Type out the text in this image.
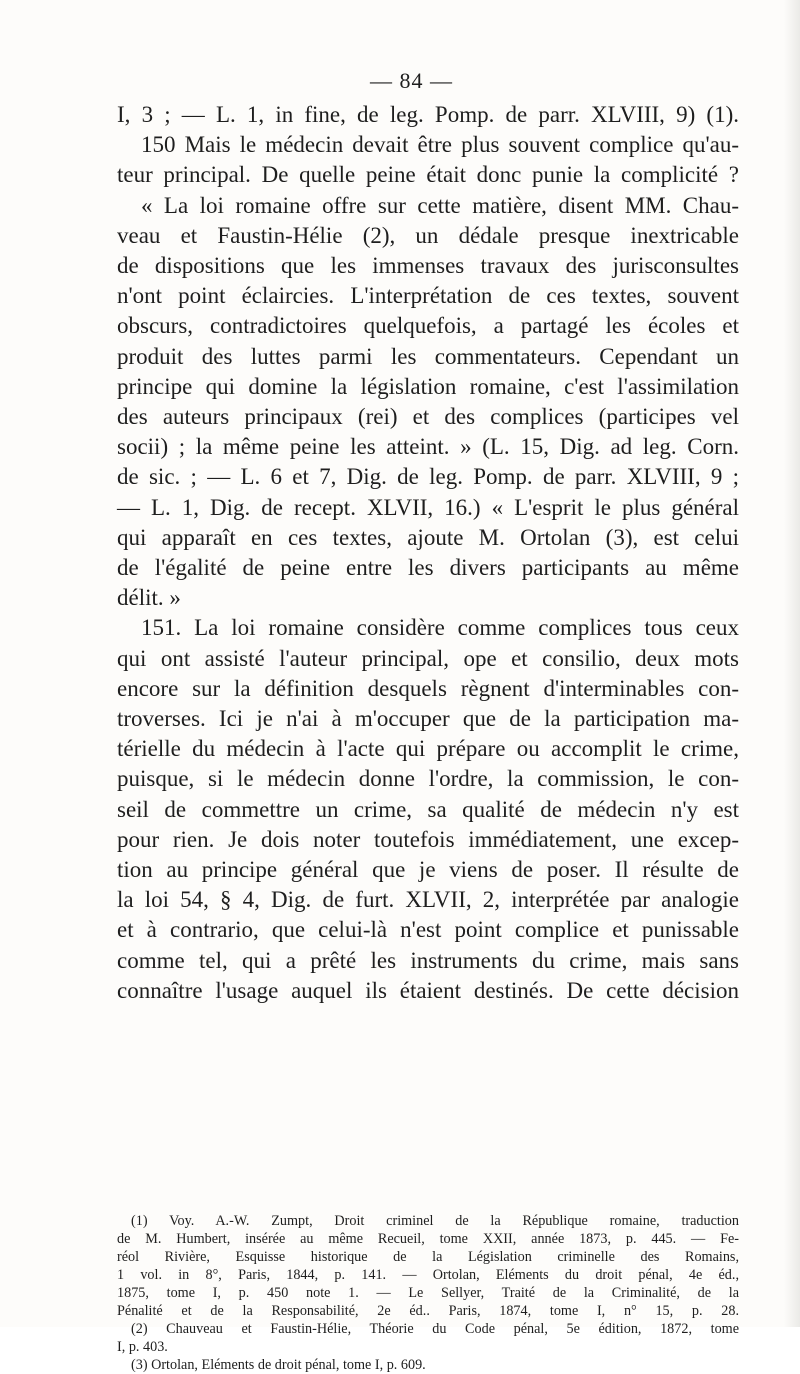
— 84 —
I, 3 ; — L. 1, in fine, de leg. Pomp. de parr. XLVIII, 9) (1).
150 Mais le médecin devait être plus souvent complice qu'au-
teur principal. De quelle peine était donc punie la complicité ?
« La loi romaine offre sur cette matière, disent MM. Chau-
veau et Faustin-Hélie (2), un dédale presque inextricable
de dispositions que les immenses travaux des jurisconsultes
n'ont point éclaircies. L'interprétation de ces textes, souvent
obscurs, contradictoires quelquefois, a partagé les écoles et
produit des luttes parmi les commentateurs. Cependant un
principe qui domine la législation romaine, c'est l'assimilation
des auteurs principaux (rei) et des complices (participes vel
socii) ; la même peine les atteint. » (L. 15, Dig. ad leg. Corn.
de sic. ; — L. 6 et 7, Dig. de leg. Pomp. de parr. XLVIII, 9 ;
— L. 1, Dig. de recept. XLVII, 16.) « L'esprit le plus général
qui apparaît en ces textes, ajoute M. Ortolan (3), est celui
de l'égalité de peine entre les divers participants au même
délit. »
151. La loi romaine considère comme complices tous ceux
qui ont assisté l'auteur principal, ope et consilio, deux mots
encore sur la définition desquels règnent d'interminables con-
troverses. Ici je n'ai à m'occuper que de la participation ma-
térielle du médecin à l'acte qui prépare ou accomplit le crime,
puisque, si le médecin donne l'ordre, la commission, le con-
seil de commettre un crime, sa qualité de médecin n'y est
pour rien. Je dois noter toutefois immédiatement, une excep-
tion au principe général que je viens de poser. Il résulte de
la loi 54, § 4, Dig. de furt. XLVII, 2, interprétée par analogie
et à contrario, que celui-là n'est point complice et punissable
comme tel, qui a prêté les instruments du crime, mais sans
connaître l'usage auquel ils étaient destinés. De cette décision
(1) Voy. A.-W. Zumpt, Droit criminel de la République romaine, traduction
de M. Humbert, insérée au même Recueil, tome XXII, année 1873, p. 445. — Fe-
réol Rivière, Esquisse historique de la Législation criminelle des Romains,
1 vol. in 8°, Paris, 1844, p. 141. — Ortolan, Eléments du droit pénal, 4e éd.,
1875, tome I, p. 450 note 1. — Le Sellyer, Traité de la Criminalité, de la
Pénalité et de la Responsabilité, 2e éd.. Paris, 1874, tome I, n° 15, p. 28.
(2) Chauveau et Faustin-Hélie, Théorie du Code pénal, 5e édition, 1872, tome
I, p. 403.
(3) Ortolan, Eléments de droit pénal, tome I, p. 609.
